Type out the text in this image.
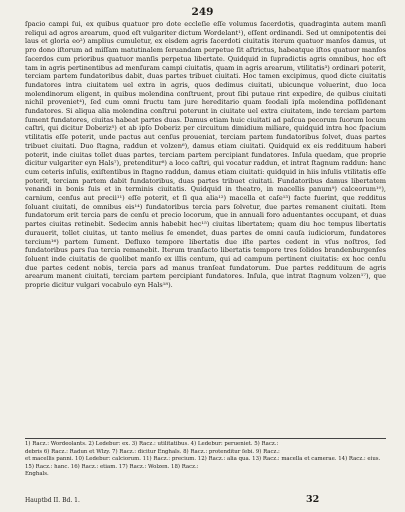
249

ſpacio campi ſui, ex quibus quatuor pro dote eccleſie eſſe volumus ſacerdotis, quadraginta autem manſi reliqui ad agros arearum, quod eſt vulgariter dictum Wordelant¹), eſſent ordinandi. Sed ut omnipotentis dei laus et gloria eo²) amplius cumuletur, ex eisdem agris ſacerdoti ciuitatis iterum quatuor manſos damus, ut pro dono iſtorum ad miſſam matutinalem ſeruandam perpetue ſit aſtrictus, habeatque iſtos quatuor manſos ſacerdos cum prioribus quatuor manſis perpetua libertate. Quidquid in ſupradictis agris omnibus, hoc eſt tam in agris pertinentibus ad menſuram campi ciuitatis, quam in agris arearum, vtilitatis³) ordinari poterit, terciam partem fundatoribus dabit, duas partes tribuet ciuitati. Hoc tamen excipimus, quod dicte ciuitatis fundatores intra ciuitatem uel extra in agris, quos dedimus ciuitati, ubicunque voluerint, duo loca molendinorum eligent, in quibus molendina conſtruent, prout ſibi putaue rint expedire, de quibus ciuitati nichil proveniet⁴), ſed cum omni fructu tam jure hereditario quam feodali ipſa molendina poſſidenant fundatores. Si aliqua alia molendina conſtrui poterunt in ciuitate uel extra ciuitatem, inde terciam partem ſument fundatores, ciuitas habeat partes duas. Damus etiam huic ciuitati ad paſcua pecorum ſuorum locum caſtri, qui dicitur Doberiz⁵) et ab ipſo Doberiz per circuitum dimidium miliare, quidquid intra hoc ſpacium vtilitatis eſſe poterit, unde pactus aut cenſus proueniat, terciam partem fundatoribus ſolvet, duas partes tribuet ciuitati. Duo ſtagna, raddun et volzen⁶), damus etiam ciuitati. Quidquid ex eis reddituum haberi poterit, inde ciuitas tollet duas partes, terciam partem percipiant fundatores. Inſula quedam, que proprie dicitur vulgariter eyn Hals⁷), pretenditur⁸) a loco caſtri, qui vocatur raddun, et intrat ſtagnum raddun: hanc cum ceteris inſulis, exiſtentibus in ſtagno raddun, damus etiam ciuitati: quidquid in hiis inſulis vtilitatis eſſe poterit, terciam partem dabit fundatoribus, duas partes tribuet ciuitati. Fundatoribus damus libertatem venandi in bonis ſuis et in terminis ciuitatis. Quidquid in theatro, in macellis panum⁹) calceorum¹⁰), carnium, cenſus aut precii¹¹) eſſe poterit, et ſi qua alia¹²) macella et caſe¹³) facte fuerint, que redditus ſoluant ciuitati, de omnibus eis¹⁴) fundatoribus tercia pars ſolvetur, due partes remanent ciuitati. Item fundatorum erit tercia pars de cenſu et precio locorum, que in annuali foro aduentantes occupant, et duas partes ciuitas retinebit. Sedecim annis habebit hec¹⁵) ciuitas libertatem; quam diu hoc tempus libertatis durauerit, tollet ciuitas, ut tanto melius ſe emendet, duas partes de omni cauſa iudiciorum, fundatores tercium¹⁶) partem ſument. Defluxo tempore libertatis due iſte partes cedent in vſus noſtros, ſed fundatoribus pars ſua tercia remanebit. Iterum tranſacto libertatis tempore tres ſolidos brandenburgenſes ſoluent inde ciuitatis de quolibet manſo ex illis centum, qui ad campum pertinent ciuitatis: ex hoc cenſu due partes cedent nobis, tercia pars ad manus tranſeat fundatorum. Due partes reddituum de agris arearum manent ciuitati, terciam partem percipiant fundatores. Inſula, que intrat ſtagnum volzen¹⁷), que proprie dicitur vulgari vocabulo eyn Hals¹⁸).

1) Racz.: Wordeolants. 2) Ledebur: ex. 3) Racz.: utilitatibus. 4) Ledebur: perueniet. 5) Racz.:
debris 6) Racz.: Radun et Wlzy. 7) Racz.: dicitur Enghals. 8) Racz.: protenditur ſebi. 9) Racz.:
et macellis panni. 10) Ledebur: calciorum. 11) Racz.: precium. 12) Racz.: alia qua. 13) Racz.: macella et camerae. 14) Racz.: eius. 15) Racz.: hanc. 16) Racz.: etiam. 17) Racz.: Wolzen. 18) Racz.:
Enghals.
Hauptbd II. Bd. 1.	32
